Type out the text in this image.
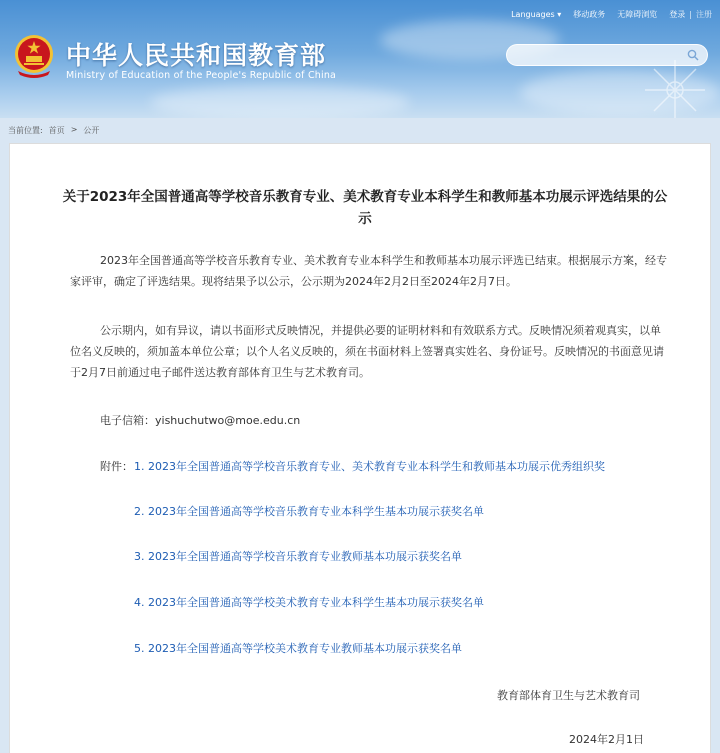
Languages ▾ 移动政务 无障碍浏览 登录 | 注册
中华人民共和国教育部
Ministry of Education of the People's Republic of China
当前位置: 首页 > 公开
关于2023年全国普通高等学校音乐教育专业、美术教育专业本科学生和教师基本功展示评选结果的公示
2023年全国普通高等学校音乐教育专业、美术教育专业本科学生和教师基本功展示评选已结束。根据展示方案，经专家评审，确定了评选结果。现将结果予以公示，公示期为2024年2月2日至2024年2月7日。
公示期内，如有异议，请以书面形式反映情况，并提供必要的证明材料和有效联系方式。反映情况须着观真实，以单位名义反映的，须加盖本单位公章；以个人名义反映的，须在书面材料上签署真实姓名、身份证号。反映情况的书面意见请于2月7日前通过电子邮件送达教育部体育卫生与艺术教育司。
电子信箱：yishuchutwo@moe.edu.cn
附件： 1. 2023年全国普通高等学校音乐教育专业、美术教育专业本科学生和教师基本功展示优秀组织奖
2. 2023年全国普通高等学校音乐教育专业本科学生基本功展示获奖名单
3. 2023年全国普通高等学校音乐教育专业教师基本功展示获奖名单
4. 2023年全国普通高等学校美术教育专业本科学生基本功展示获奖名单
5. 2023年全国普通高等学校美术教育专业教师基本功展示获奖名单
教育部体育卫生与艺术教育司
2024年2月1日
